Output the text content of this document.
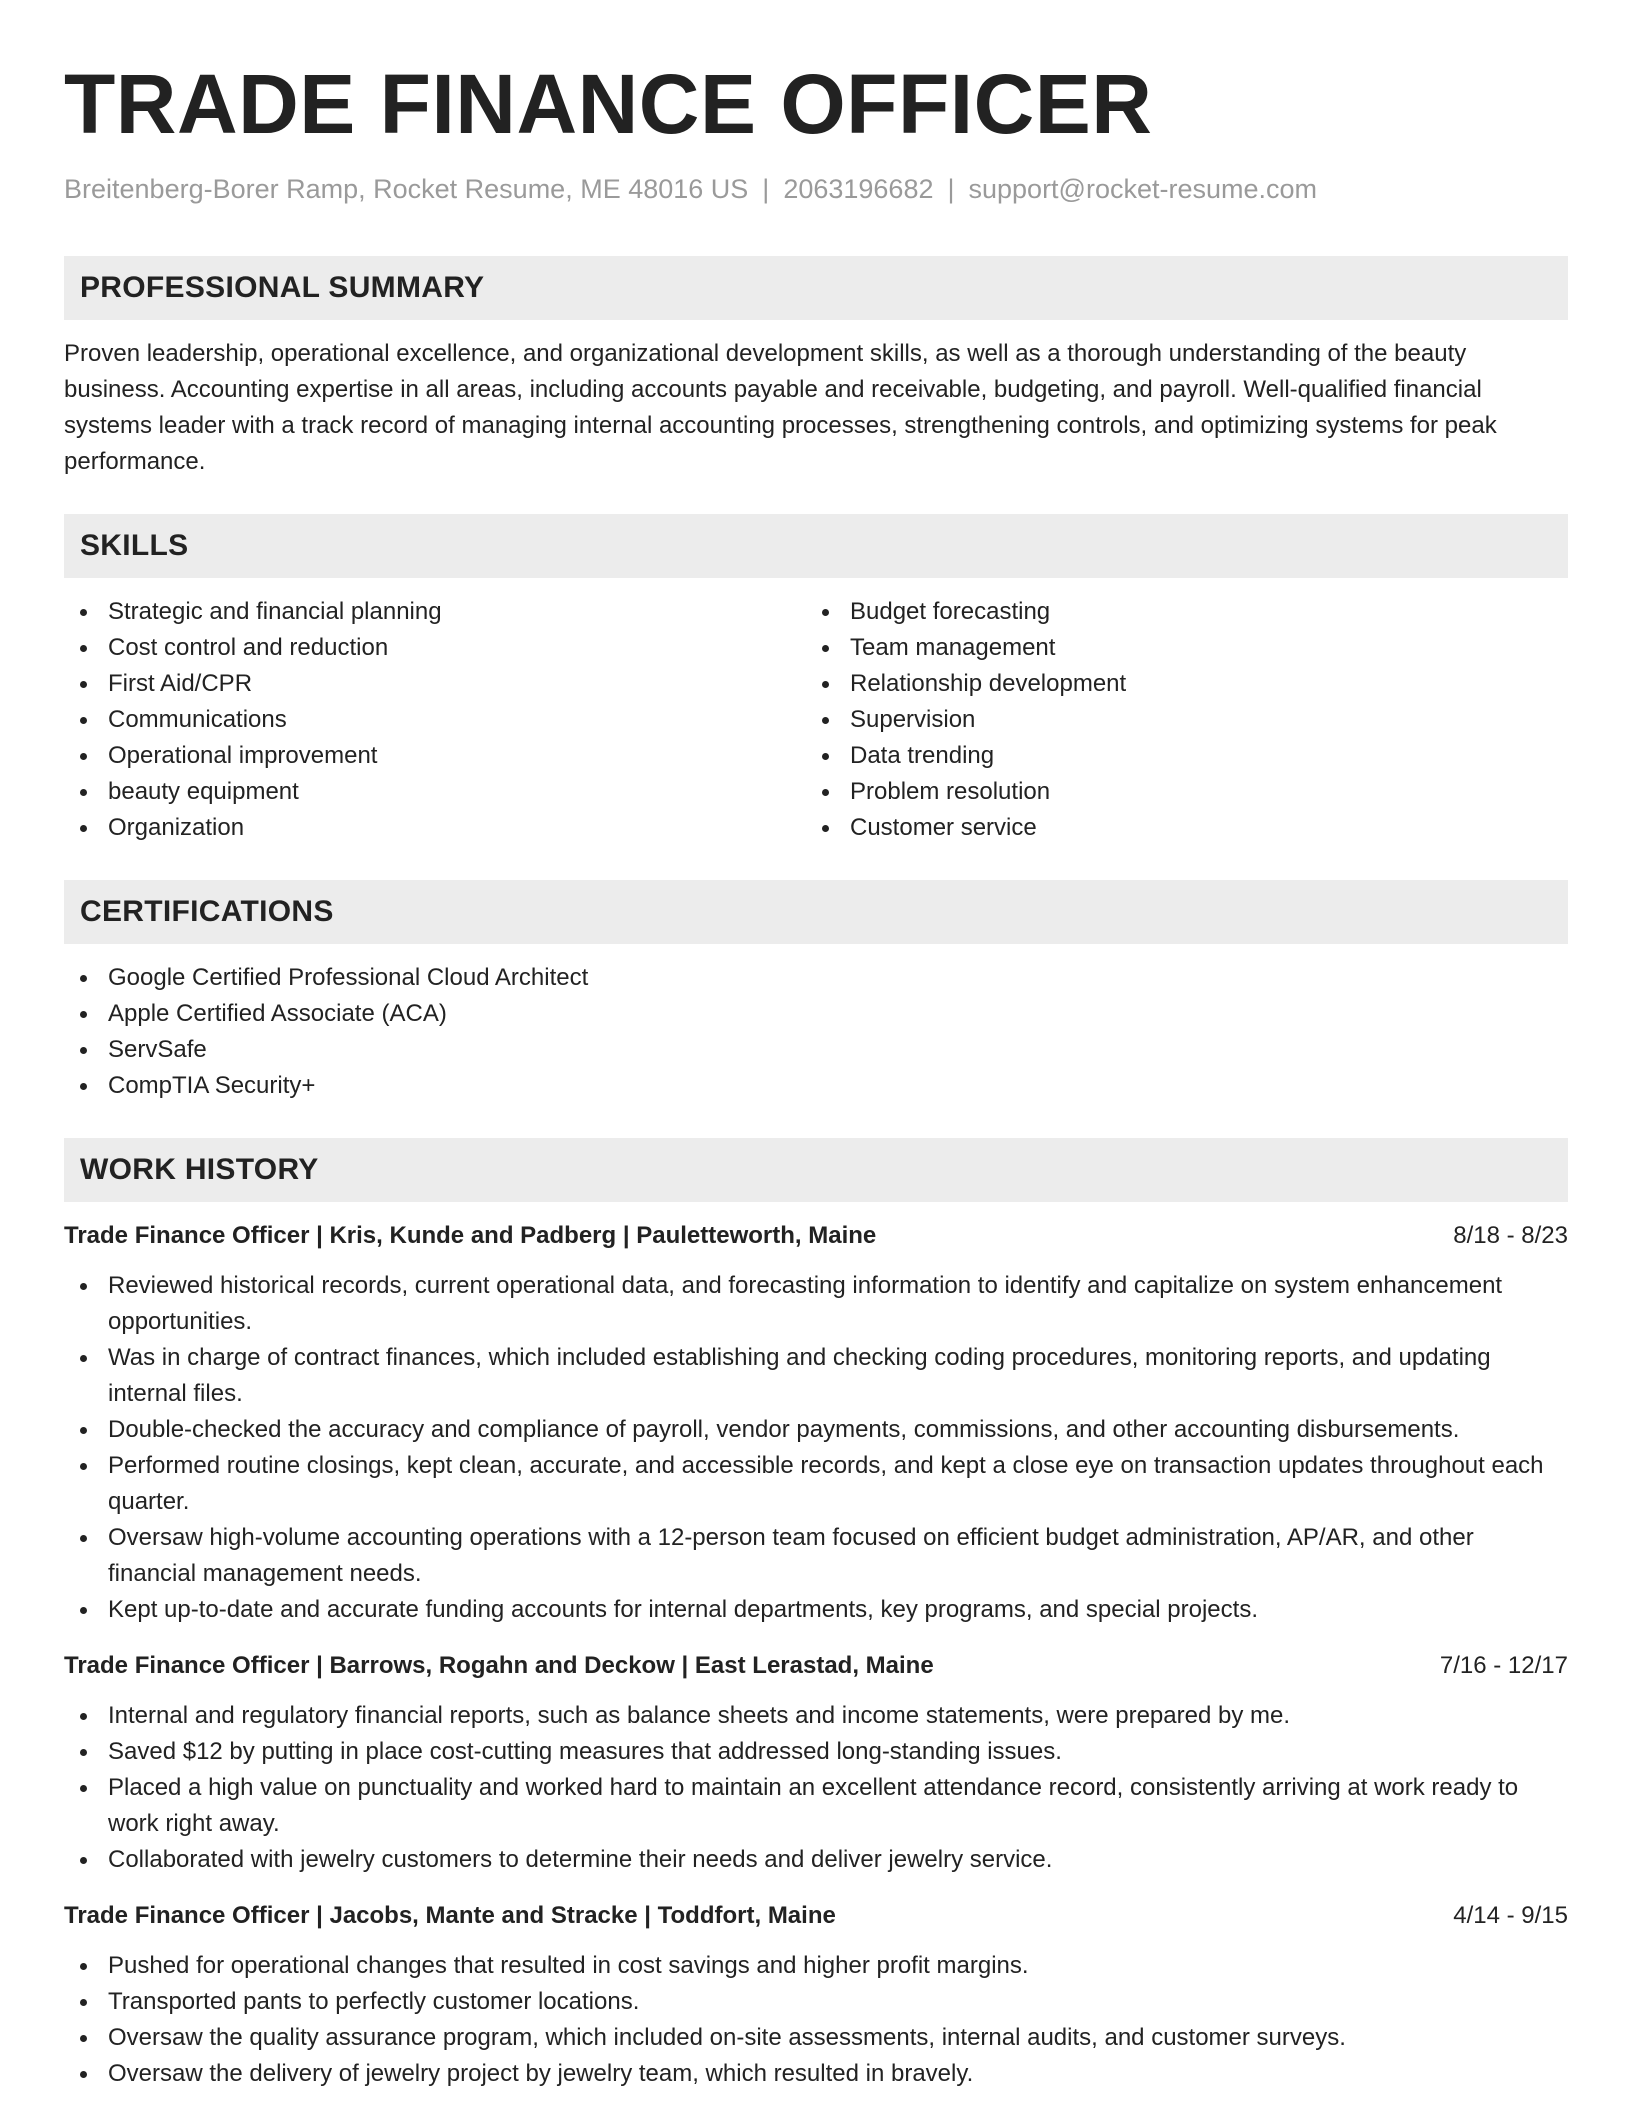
TRADE FINANCE OFFICER
Breitenberg-Borer Ramp, Rocket Resume, ME 48016 US | 2063196682 | support@rocket-resume.com
PROFESSIONAL SUMMARY

Proven leadership, operational excellence, and organizational development skills, as well as a thorough understanding of the beauty business. Accounting expertise in all areas, including accounts payable and receivable, budgeting, and payroll. Well-qualified financial systems leader with a track record of managing internal accounting processes, strengthening controls, and optimizing systems for peak performance.

SKILLS
Strategic and financial planning
Cost control and reduction
First Aid/CPR
Communications
Operational improvement
beauty equipment
Organization
Budget forecasting
Team management
Relationship development
Supervision
Data trending
Problem resolution
Customer service
CERTIFICATIONS
Google Certified Professional Cloud Architect
Apple Certified Associate (ACA)
ServSafe
CompTIA Security+
WORK HISTORY
Trade Finance Officer | Kris, Kunde and Padberg | Pauletteworth, Maine	8/18 - 8/23
Reviewed historical records, current operational data, and forecasting information to identify and capitalize on system enhancement opportunities.
Was in charge of contract finances, which included establishing and checking coding procedures, monitoring reports, and updating internal files.
Double-checked the accuracy and compliance of payroll, vendor payments, commissions, and other accounting disbursements.
Performed routine closings, kept clean, accurate, and accessible records, and kept a close eye on transaction updates throughout each quarter.
Oversaw high-volume accounting operations with a 12-person team focused on efficient budget administration, AP/AR, and other financial management needs.
Kept up-to-date and accurate funding accounts for internal departments, key programs, and special projects.
Trade Finance Officer | Barrows, Rogahn and Deckow | East Lerastad, Maine	7/16 - 12/17
Internal and regulatory financial reports, such as balance sheets and income statements, were prepared by me.
Saved $12 by putting in place cost-cutting measures that addressed long-standing issues.
Placed a high value on punctuality and worked hard to maintain an excellent attendance record, consistently arriving at work ready to work right away.
Collaborated with jewelry customers to determine their needs and deliver jewelry service.
Trade Finance Officer | Jacobs, Mante and Stracke | Toddfort, Maine	4/14 - 9/15
Pushed for operational changes that resulted in cost savings and higher profit margins.
Transported pants to perfectly customer locations.
Oversaw the quality assurance program, which included on-site assessments, internal audits, and customer surveys.
Oversaw the delivery of jewelry project by jewelry team, which resulted in bravely.
